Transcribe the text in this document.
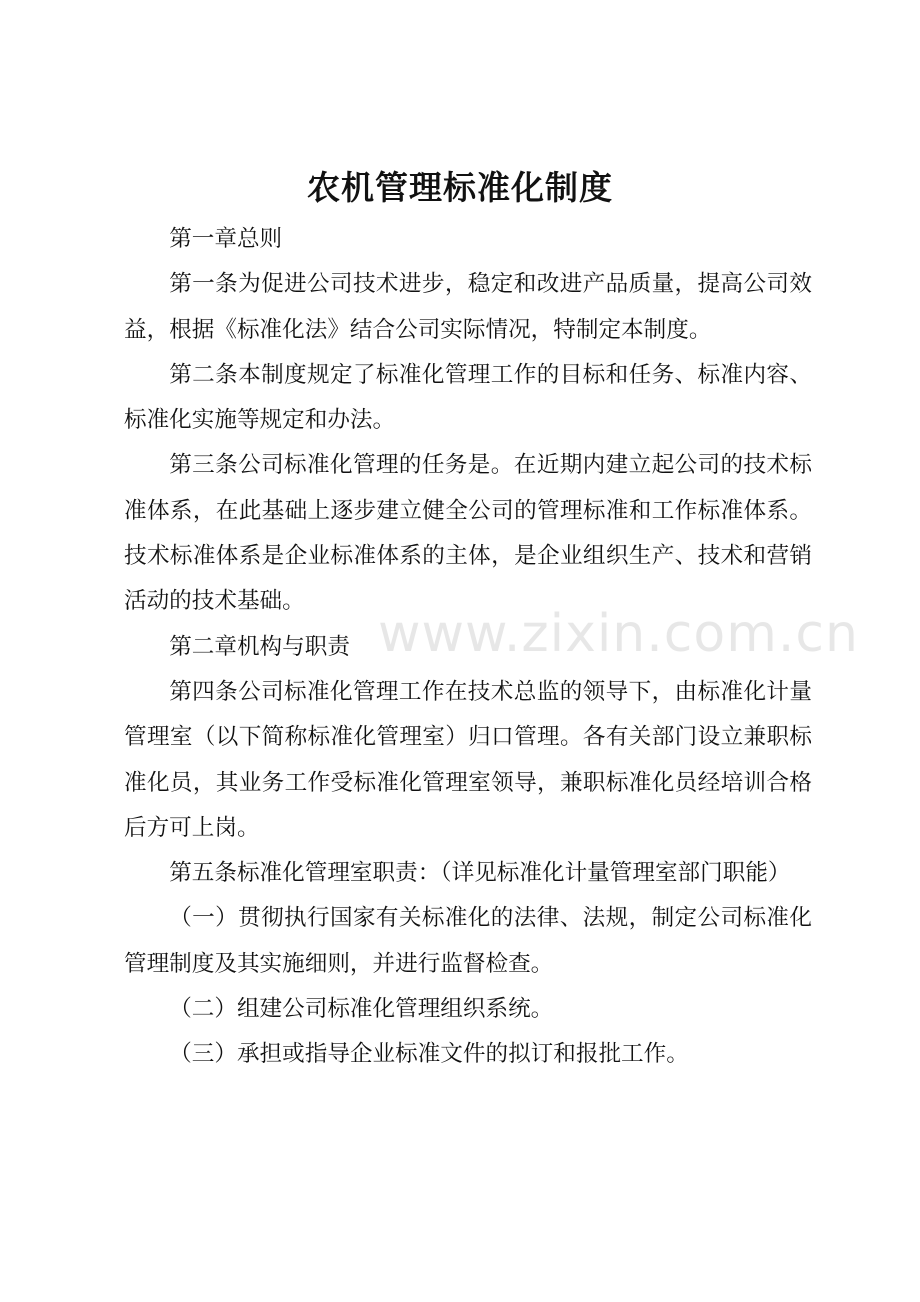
农机管理标准化制度

第一章总则

第一条为促进公司技术进步，稳定和改进产品质量，提高公司效益，根据《标准化法》结合公司实际情况，特制定本制度。

第二条本制度规定了标准化管理工作的目标和任务、标准内容、标准化实施等规定和办法。

第三条公司标准化管理的任务是。在近期内建立起公司的技术标准体系，在此基础上逐步建立健全公司的管理标准和工作标准体系。技术标准体系是企业标准体系的主体，是企业组织生产、技术和营销活动的技术基础。

第二章机构与职责

第四条公司标准化管理工作在技术总监的领导下，由标准化计量管理室（以下简称标准化管理室）归口管理。各有关部门设立兼职标准化员，其业务工作受标准化管理室领导，兼职标准化员经培训合格后方可上岗。

第五条标准化管理室职责：（详见标准化计量管理室部门职能）

（一）贯彻执行国家有关标准化的法律、法规，制定公司标准化管理制度及其实施细则，并进行监督检查。

（二）组建公司标准化管理组织系统。

（三）承担或指导企业标准文件的拟订和报批工作。

www.zixin.com.cn
